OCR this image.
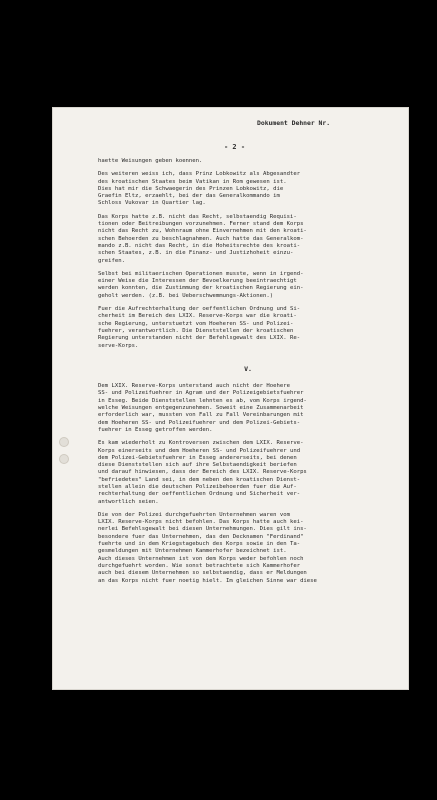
Dokument Dehner Nr.
- 2 -

haette Weisungen geben koennen.

Des weiteren weiss ich, dass Prinz Lobkowitz als Abgesandter
des kroatischen Staates beim Vatikan in Rom gewesen ist.
Dies hat mir die Schwaegerin des Prinzen Lobkowitz, die
Graefin Eltz, erzaehlt, bei der das Generalkommando im
Schloss Vukovar in Quartier lag.

Das Korps hatte z.B. nicht das Recht, selbstaendig Requisi-
tionen oder Beitreibungen vorzunehmen. Ferner stand dem Korps
nicht das Recht zu, Wohnraum ohne Einvernehmen mit den kroati-
schen Behoerden zu beschlagnahmen. Auch hatte das Generalkom-
mando z.B. nicht das Recht, in die Hoheitsrechte des kroati-
schen Staates, z.B. in die Finanz- und Justizhoheit einzu-
greifen.

Selbst bei militaerischen Operationen musste, wenn in irgend-
einer Weise die Interessen der Bevoelkerung beeintraechtigt
werden konnten, die Zustimmung der kroatischen Regierung ein-
geholt werden. (z.B. bei Ueberschwemmungs-Aktionen.)

Fuer die Aufrechterhaltung der oeffentlichen Ordnung und Si-
cherheit im Bereich des LXIX. Reserve-Korps war die kroati-
sche Regierung, unterstuetzt vom Hoeheren SS- und Polizei-
fuehrer, verantwortlich. Die Dienststellen der kroatischen
Regierung unterstanden nicht der Befehlsgewalt des LXIX. Re-
serve-Korps.

V.

Dem LXIX. Reserve-Korps unterstand auch nicht der Hoehere
SS- und Polizeifuehrer in Agram und der Polizeigebietsfuehrer
in Esseg. Beide Dienststellen lehnten es ab, vom Korps irgend-
welche Weisungen entgegenzunehmen. Soweit eine Zusammenarbeit
erforderlich war, mussten von Fall zu Fall Vereinbarungen mit
dem Hoeheren SS- und Polizeifuehrer und dem Polizei-Gebiets-
fuehrer in Esseg getroffen werden.

Es kam wiederholt zu Kontroversen zwischen dem LXIX. Reserve-
Korps einerseits und dem Hoeheren SS- und Polizeifuehrer und
dem Polizei-Gebietsfuehrer in Esseg andererseits, bei denen
diese Dienststellen sich auf ihre Selbstaendigkeit beriefen
und darauf hinwiesen, dass der Bereich des LXIX. Reserve-Korps
"befriedetes" Land sei, in dem neben den kroatischen Dienst-
stellen allein die deutschen Polizeibehoerden fuer die Auf-
rechterhaltung der oeffentlichen Ordnung und Sicherheit ver-
antwortlich seien.

Die von der Polizei durchgefuehrten Unternehmen waren vom
LXIX. Reserve-Korps nicht befohlen. Das Korps hatte auch kei-
nerlei Befehlsgewalt bei diesen Unternehmungen. Dies gilt ins-
besondere fuer das Unternehmen, das den Decknamen "Ferdinand"
fuehrte und in dem Kriegstagebuch des Korps sowie in den Ta-
gesmeldungen mit Unternehmen Kammerhofer bezeichnet ist.
Auch dieses Unternehmen ist von dem Korps weder befohlen noch
durchgefuehrt worden. Wie sonst betrachtete sich Kammerhofer
auch bei diesem Unternehmen so selbstaendig, dass er Meldungen
an das Korps nicht fuer noetig hielt. Im gleichen Sinne war diese
